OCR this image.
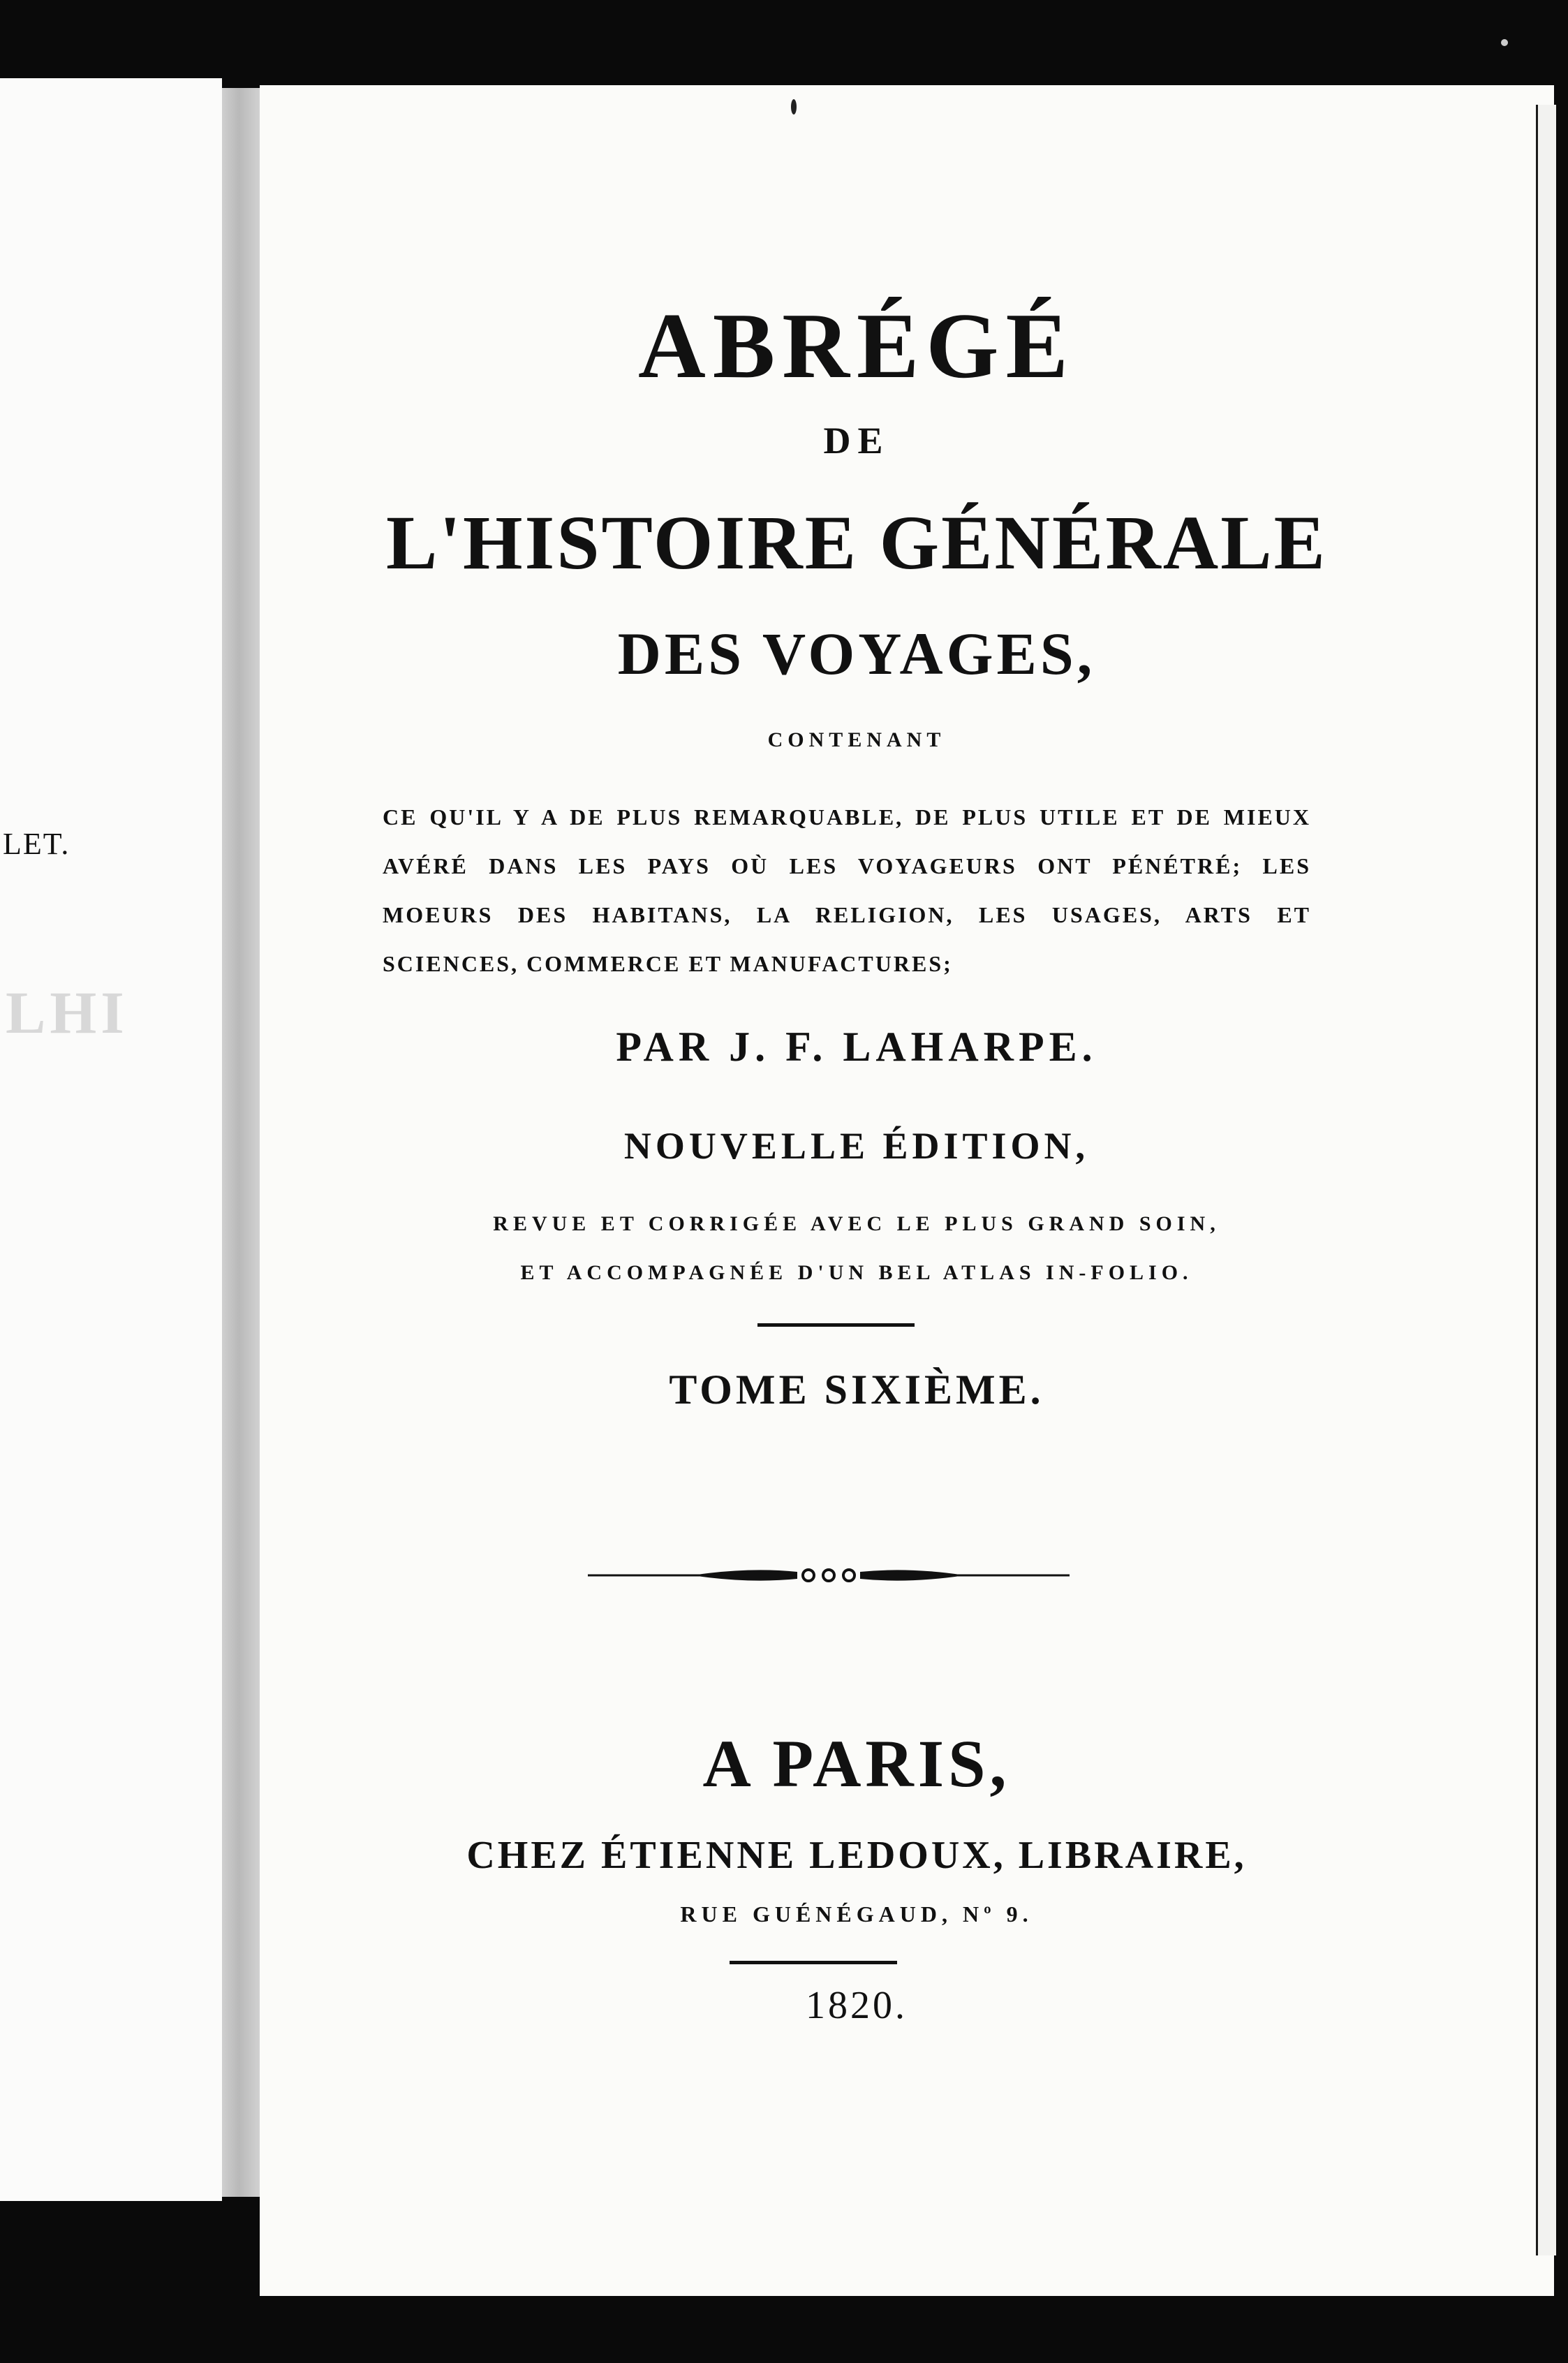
LET.
LHI
ABRÉGÉ
DE
L'HISTOIRE GÉNÉRALE
DES VOYAGES,
CONTENANT

CE QU'IL Y A DE PLUS REMARQUABLE, DE PLUS UTILE ET DE MIEUX AVÉRÉ DANS LES PAYS OÙ LES VOYAGEURS ONT PÉNÉTRÉ; LES MOEURS DES HABITANS, LA RELIGION, LES USAGES, ARTS ET SCIENCES, COMMERCE ET MANUFACTURES;

PAR J. F. LAHARPE.
NOUVELLE ÉDITION,
REVUE ET CORRIGÉE AVEC LE PLUS GRAND SOIN,
ET ACCOMPAGNÉE D'UN BEL ATLAS IN-FOLIO.
TOME SIXIÈME.
A PARIS,
CHEZ ÉTIENNE LEDOUX, LIBRAIRE,
RUE GUÉNÉGAUD, Nº 9.
1820.
